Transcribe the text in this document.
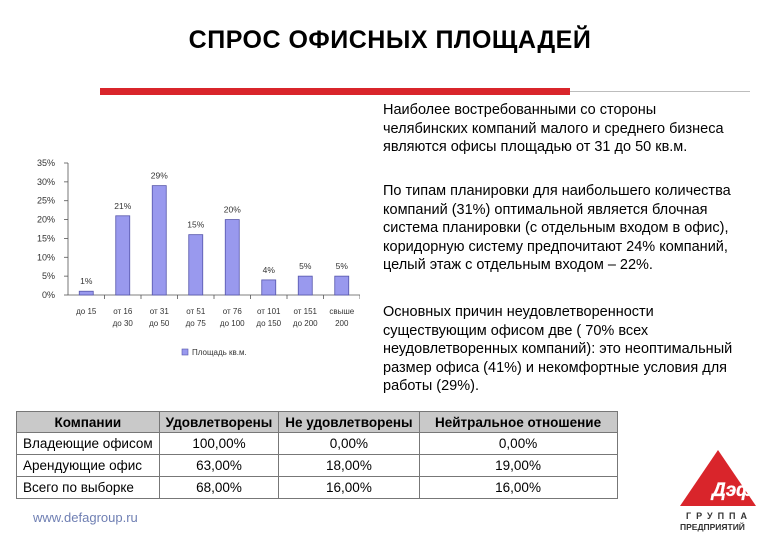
СПРОС ОФИСНЫХ ПЛОЩАДЕЙ
0%
5%
10%
15%
20%
25%
30%
35%
1%
до 15
21%
от 16
до 30
29%
от 31
до 50
15%
от 51
до 75
20%
от 76
до 100
4%
от 101
до 150
5%
от 151
до 200
5%
свыше
200
Площадь кв.м.
Наиболее востребованными со стороны челябинских компаний малого и среднего бизнеса являются офисы площадью от 31 до 50 кв.м.
По типам планировки для наибольшего количества компаний (31%) оптимальной является блочная система планировки (с отдельным входом в офис), коридорную систему предпочитают 24% компаний, целый этаж с отдельным входом – 22%.
Основных причин неудовлетворенности существующим офисом две ( 70% всех неудовлетворенных компаний): это неоптимальный размер офиса (41%) и некомфортные условия для работы (29%).
Компании	Удовлетворены	Не удовлетворены	Нейтральное отношение
Владеющие офисом	100,00%	0,00%	0,00%
Арендующие офис	63,00%	18,00%	19,00%
Всего по выборке	68,00%	16,00%	16,00%
www.defagroup.ru
Дэфа
ГРУППА
ПРЕДПРИЯТИЙ
